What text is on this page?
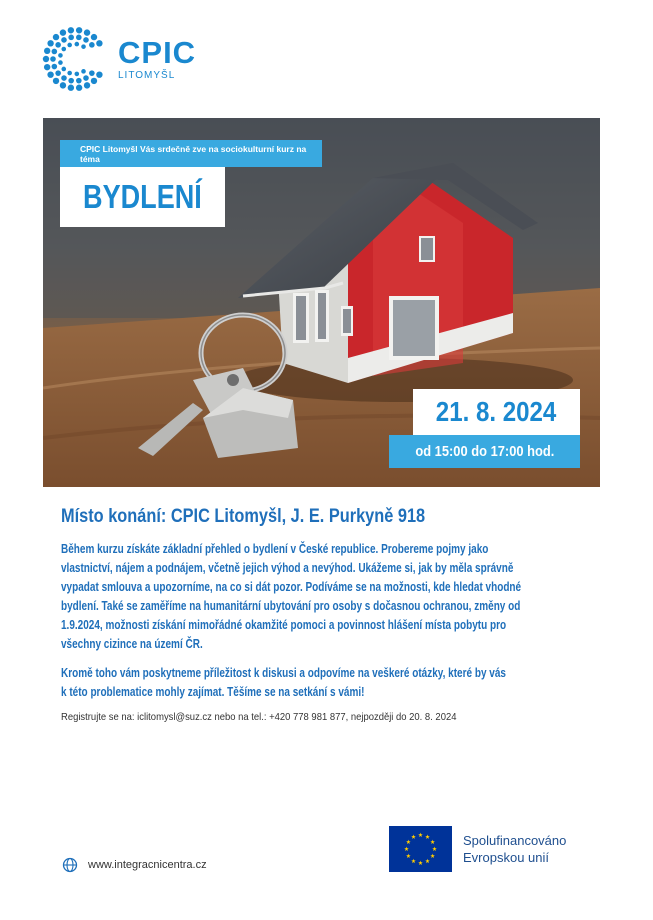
CPIC
LITOMYŠL
CPIC Litomyšl Vás srdečně zve na sociokulturní kurz na téma
BYDLENÍ
21. 8. 2024
od 15:00 do 17:00 hod.
Místo konání: CPIC Litomyšl, J. E. Purkyně 918
Během kurzu získáte základní přehled o bydlení v České republice. Probereme pojmy jako
vlastnictví, nájem a podnájem, včetně jejich výhod a nevýhod. Ukážeme si, jak by měla správně
vypadat smlouva a upozorníme, na co si dát pozor. Podíváme se na možnosti, kde hledat vhodné
bydlení. Také se zaměříme na humanitární ubytování pro osoby s dočasnou ochranou, změny od
1.9.2024, možnosti získání mimořádné okamžité pomoci a povinnost hlášení místa pobytu pro
všechny cizince na území ČR.
Kromě toho vám poskytneme příležitost k diskusi a odpovíme na veškeré otázky, které by vás
k této problematice mohly zajímat. Těšíme se na setkání s vámi!
Registrujte se na: iclitomysl@suz.cz nebo na tel.: +420 778 981 877, nejpozději do 20. 8. 2024
www.integracnicentra.cz
Spolufinancováno
Evropskou unií
